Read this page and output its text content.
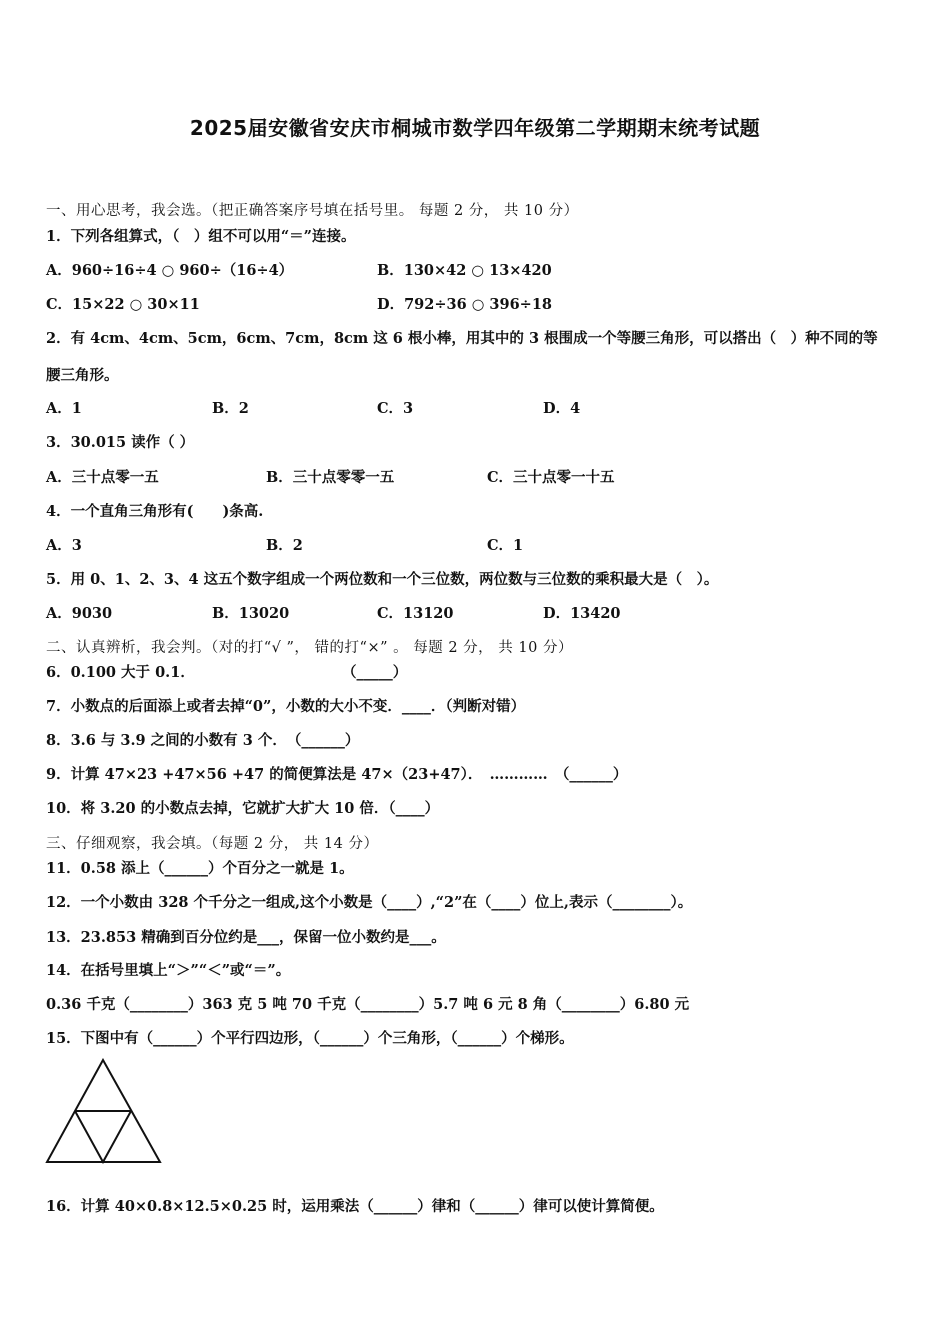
2025届安徽省安庆市桐城市数学四年级第二学期期末统考试题
一、用心思考，我会选。（把正确答案序号填在括号里。 每题 2 分， 共 10 分）
1．下列各组算式，（　）组不可以用“＝”连接。
A．960÷16÷4 ○ 960÷（16÷4）	B．130×42 ○ 13×420
C．15×22 ○ 30×11	D．792÷36 ○ 396÷18
2．有 4cm、4cm、5cm，6cm、7cm，8cm 这 6 根小棒，用其中的 3 根围成一个等腰三角形，可以搭出（　）种不同的等
腰三角形。
A．1	B．2	C．3	D．4
3．30.015 读作（ ）
A．三十点零一五	B．三十点零零一五	C．三十点零一十五
4．一个直角三角形有(　　)条高.
A．3	B．2	C．1
5．用 0、1、2、3、4 这五个数字组成一个两位数和一个三位数，两位数与三位数的乘积最大是（　）。
A．9030	B．13020	C．13120	D．13420
二、认真辨析，我会判。（对的打“√ ”， 错的打“×” 。 每题 2 分， 共 10 分）
6．0.100 大于 0.1．	（_____）
7．小数点的后面添上或者去掉“0”，小数的大小不变．____．（判断对错）
8．3.6 与 3.9 之间的小数有 3 个．　（______）
9．计算 47×23 +47×56 +47 的简便算法是 47×（23+47）．　…………　（______）
10．将 3.20 的小数点去掉，它就扩大扩大 10 倍．（____）
三、仔细观察，我会填。（每题 2 分， 共 14 分）
11．0.58 添上（______）个百分之一就是 1。
12．一个小数由 328 个千分之一组成,这个小数是（____）,“2”在（____）位上,表示（________）。
13．23.853 精确到百分位约是___，保留一位小数约是___。
14．在括号里填上“＞”“＜”或“＝”。
0.36 千克（________）363 克 5 吨 70 千克（________）5.7 吨 6 元 8 角（________）6.80 元
15．下图中有（______）个平行四边形，（______）个三角形，（______）个梯形。
16．计算 40×0.8×12.5×0.25 时，运用乘法（______）律和（______）律可以使计算简便。
